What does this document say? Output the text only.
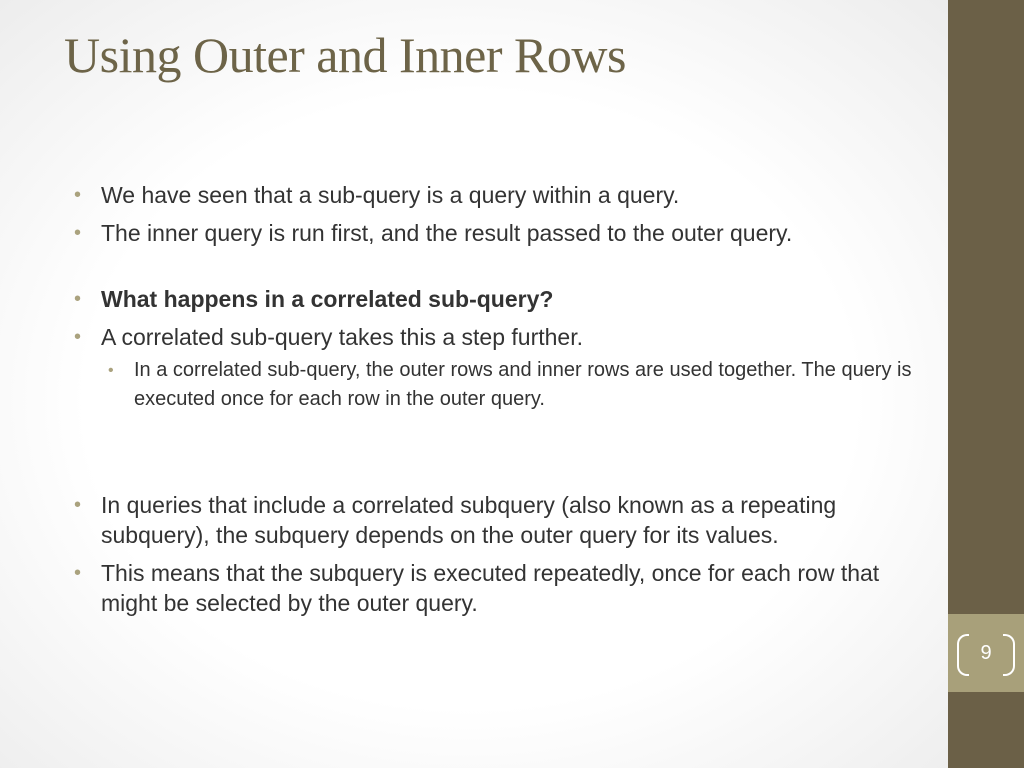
9
Using Outer and Inner Rows
• We have seen that a sub-query is a query within a query.
• The inner query is run first, and the result passed to the outer query.
• What happens in a correlated sub-query?
• A correlated sub-query takes this a step further.
• In a correlated sub-query, the outer rows and inner rows are used together. The query is executed once for each row in the outer query.
• In queries that include a correlated subquery (also known as a repeating subquery), the subquery depends on the outer query for its values.
• This means that the subquery is executed repeatedly, once for each row that might be selected by the outer query.
